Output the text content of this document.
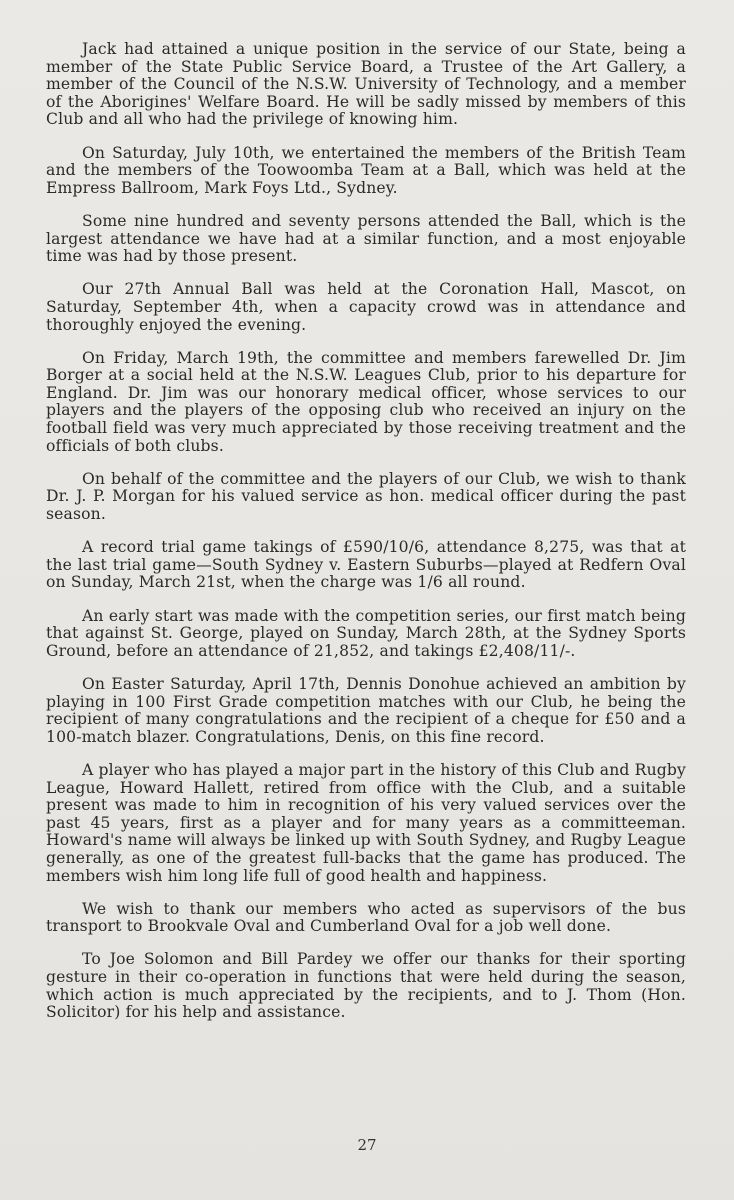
Jack had attained a unique position in the service of our State, being a member of the State Public Service Board, a Trustee of the Art Gallery, a member of the Council of the N.S.W. University of Technology, and a member of the Aborigines' Welfare Board. He will be sadly missed by members of this Club and all who had the privilege of knowing him.

On Saturday, July 10th, we entertained the members of the British Team and the members of the Toowoomba Team at a Ball, which was held at the Empress Ballroom, Mark Foys Ltd., Sydney.

Some nine hundred and seventy persons attended the Ball, which is the largest attendance we have had at a similar function, and a most enjoyable time was had by those present.

Our 27th Annual Ball was held at the Coronation Hall, Mascot, on Saturday, September 4th, when a capacity crowd was in attendance and thoroughly enjoyed the evening.

On Friday, March 19th, the committee and members farewelled Dr. Jim Borger at a social held at the N.S.W. Leagues Club, prior to his departure for England. Dr. Jim was our honorary medical officer, whose services to our players and the players of the opposing club who received an injury on the football field was very much appreciated by those receiving treatment and the officials of both clubs.

On behalf of the committee and the players of our Club, we wish to thank Dr. J. P. Morgan for his valued service as hon. medical officer during the past season.

A record trial game takings of £590/10/6, attendance 8,275, was that at the last trial game—South Sydney v. Eastern Suburbs—played at Redfern Oval on Sunday, March 21st, when the charge was 1/6 all round.

An early start was made with the competition series, our first match being that against St. George, played on Sunday, March 28th, at the Sydney Sports Ground, before an attendance of 21,852, and takings £2,408/11/-.

On Easter Saturday, April 17th, Dennis Donohue achieved an ambition by playing in 100 First Grade competition matches with our Club, he being the recipient of many congratulations and the recipient of a cheque for £50 and a 100-match blazer. Congratulations, Denis, on this fine record.

A player who has played a major part in the history of this Club and Rugby League, Howard Hallett, retired from office with the Club, and a suitable present was made to him in recognition of his very valued services over the past 45 years, first as a player and for many years as a committeeman. Howard's name will always be linked up with South Sydney, and Rugby League generally, as one of the greatest full-backs that the game has produced. The members wish him long life full of good health and happiness.

We wish to thank our members who acted as supervisors of the bus transport to Brookvale Oval and Cumberland Oval for a job well done.

To Joe Solomon and Bill Pardey we offer our thanks for their sporting gesture in their co-operation in functions that were held during the season, which action is much appreciated by the recipients, and to J. Thom (Hon. Solicitor) for his help and assistance.

27
